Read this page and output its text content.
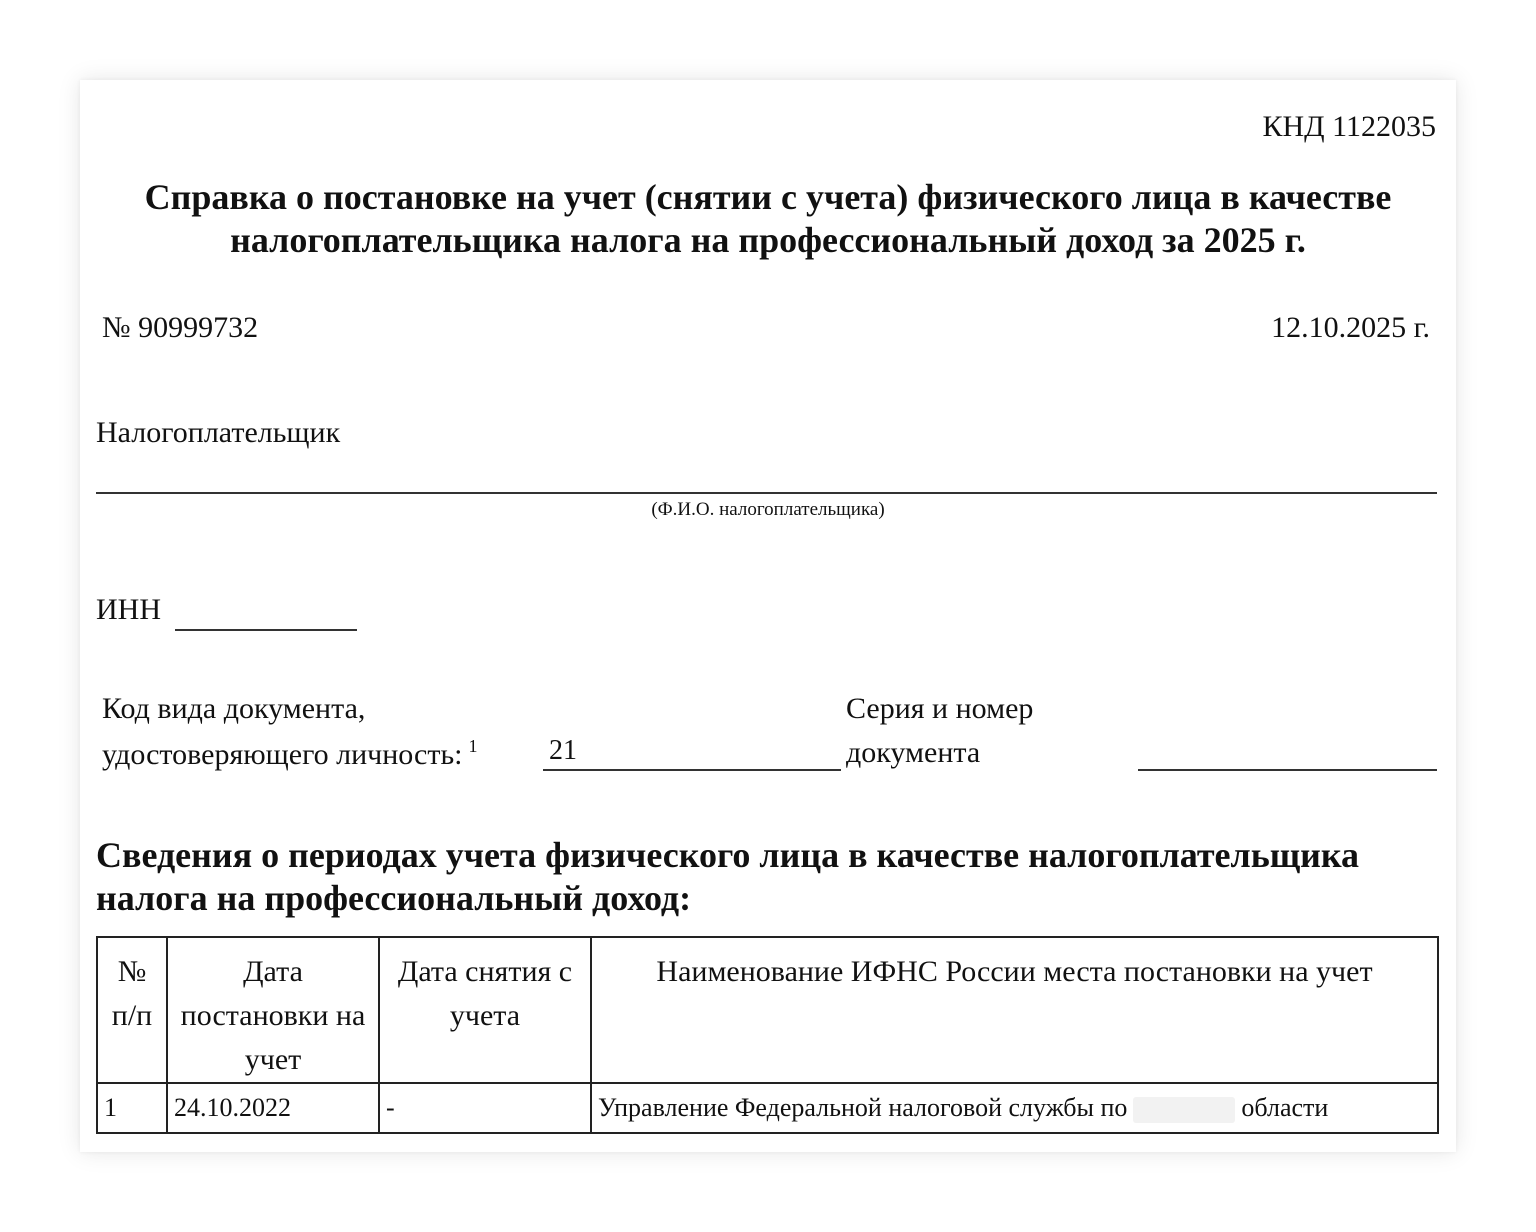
КНД 1122035
Справка о постановке на учет (снятии с учета) физического лица в качестве налогоплательщика налога на профессиональный доход за 2025 г.
№ 90999732	12.10.2025 г.
Налогоплательщик
(Ф.И.О. налогоплательщика)
ИНН
Код вида документа,
удостоверяющего личность: $^1$	21
Серия и номер
документа
Сведения о периодах учета физического лица в качестве налогоплательщика налога на профессиональный доход:
№ п/п	Дата постановки на учет	Дата снятия с учета	Наименование ИФНС России места постановки на учет
1	24.10.2022	-	Управление Федеральной налоговой службы по области
